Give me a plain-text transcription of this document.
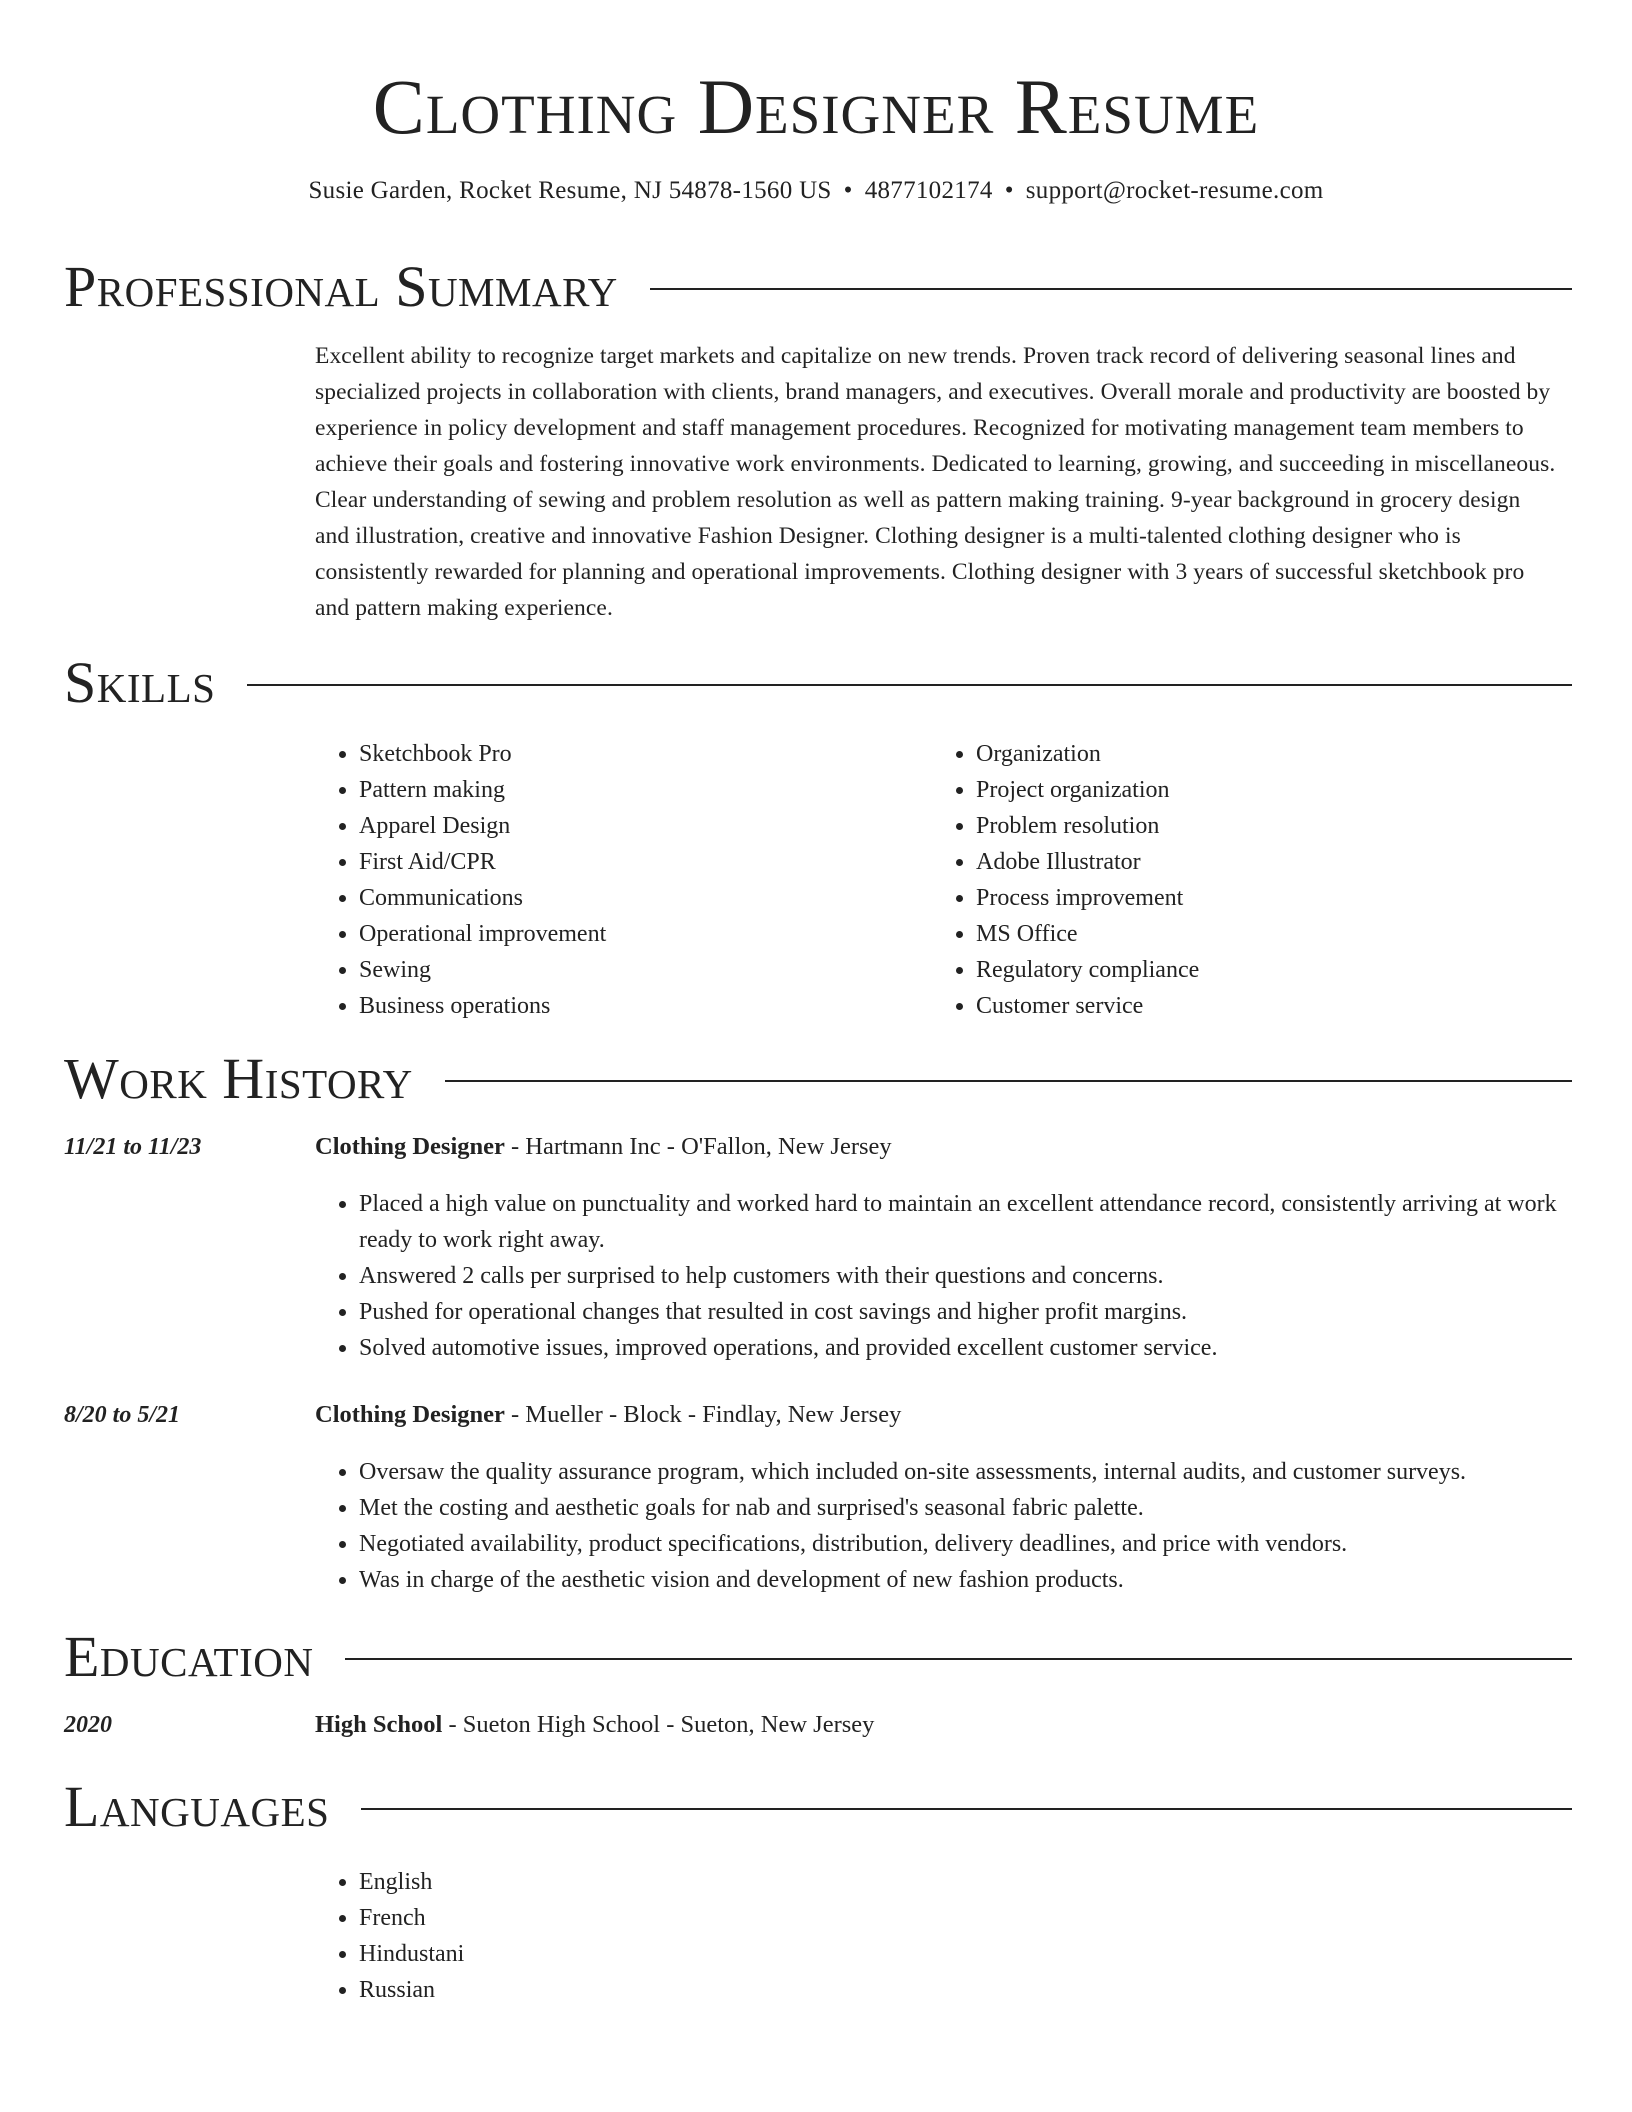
Clothing Designer Resume
Susie Garden, Rocket Resume, NJ 54878-1560 US • 4877102174 • support@rocket-resume.com
Professional Summary

Excellent ability to recognize target markets and capitalize on new trends. Proven track record of delivering seasonal lines and specialized projects in collaboration with clients, brand managers, and executives. Overall morale and productivity are boosted by experience in policy development and staff management procedures. Recognized for motivating management team members to achieve their goals and fostering innovative work environments. Dedicated to learning, growing, and succeeding in miscellaneous. Clear understanding of sewing and problem resolution as well as pattern making training. 9-year background in grocery design and illustration, creative and innovative Fashion Designer. Clothing designer is a multi-talented clothing designer who is consistently rewarded for planning and operational improvements. Clothing designer with 3 years of successful sketchbook pro and pattern making experience.

Skills
• Sketchbook Pro
• Pattern making
• Apparel Design
• First Aid/CPR
• Communications
• Operational improvement
• Sewing
• Business operations
• Organization
• Project organization
• Problem resolution
• Adobe Illustrator
• Process improvement
• MS Office
• Regulatory compliance
• Customer service
Work History
11/21 to 11/23	Clothing Designer - Hartmann Inc - O'Fallon, New Jersey
• Placed a high value on punctuality and worked hard to maintain an excellent attendance record, consistently arriving at work ready to work right away.
• Answered 2 calls per surprised to help customers with their questions and concerns.
• Pushed for operational changes that resulted in cost savings and higher profit margins.
• Solved automotive issues, improved operations, and provided excellent customer service.
8/20 to 5/21	Clothing Designer - Mueller - Block - Findlay, New Jersey
• Oversaw the quality assurance program, which included on-site assessments, internal audits, and customer surveys.
• Met the costing and aesthetic goals for nab and surprised's seasonal fabric palette.
• Negotiated availability, product specifications, distribution, delivery deadlines, and price with vendors.
• Was in charge of the aesthetic vision and development of new fashion products.
Education
2020	High School - Sueton High School - Sueton, New Jersey
Languages
• English
• French
• Hindustani
• Russian
